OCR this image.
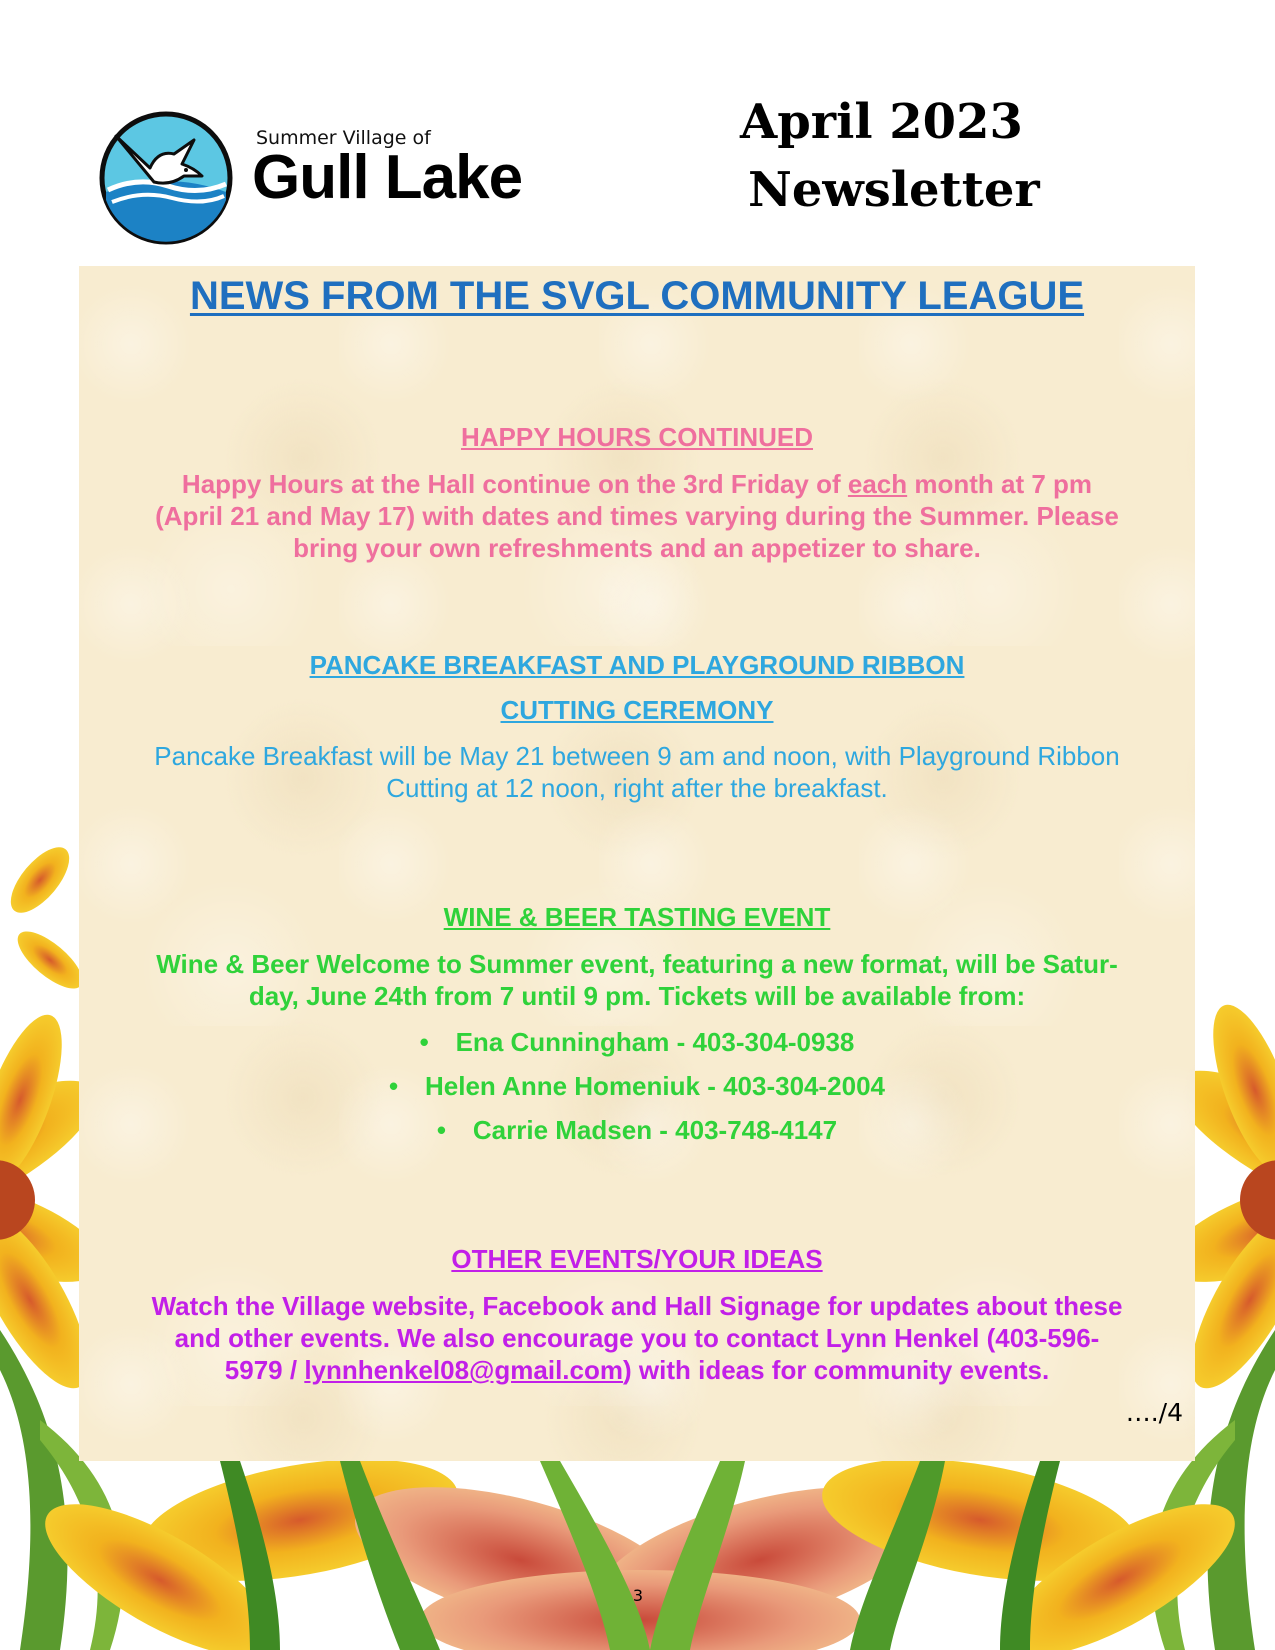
Summer Village of
Gull Lake
April 2023
Newsletter
NEWS FROM THE SVGL COMMUNITY LEAGUE
HAPPY HOURS CONTINUED
Happy Hours at the Hall continue on the 3rd Friday of each month at 7 pm
(April 21 and May 17) with dates and times varying during the Summer. Please
bring your own refreshments and an appetizer to share.
PANCAKE BREAKFAST AND PLAYGROUND RIBBON
CUTTING CEREMONY
Pancake Breakfast will be May 21 between 9 am and noon, with Playground Ribbon
Cutting at 12 noon, right after the breakfast.
WINE & BEER TASTING EVENT
Wine & Beer Welcome to Summer event, featuring a new format, will be Satur-
day, June 24th from 7 until 9 pm. Tickets will be available from:
• Ena Cunningham - 403-304-0938
• Helen Anne Homeniuk - 403-304-2004
• Carrie Madsen - 403-748-4147
OTHER EVENTS/YOUR IDEAS
Watch the Village website, Facebook and Hall Signage for updates about these
and other events. We also encourage you to contact Lynn Henkel (403-596-
5979 / lynnhenkel08@gmail.com) with ideas for community events.
…./4
3
